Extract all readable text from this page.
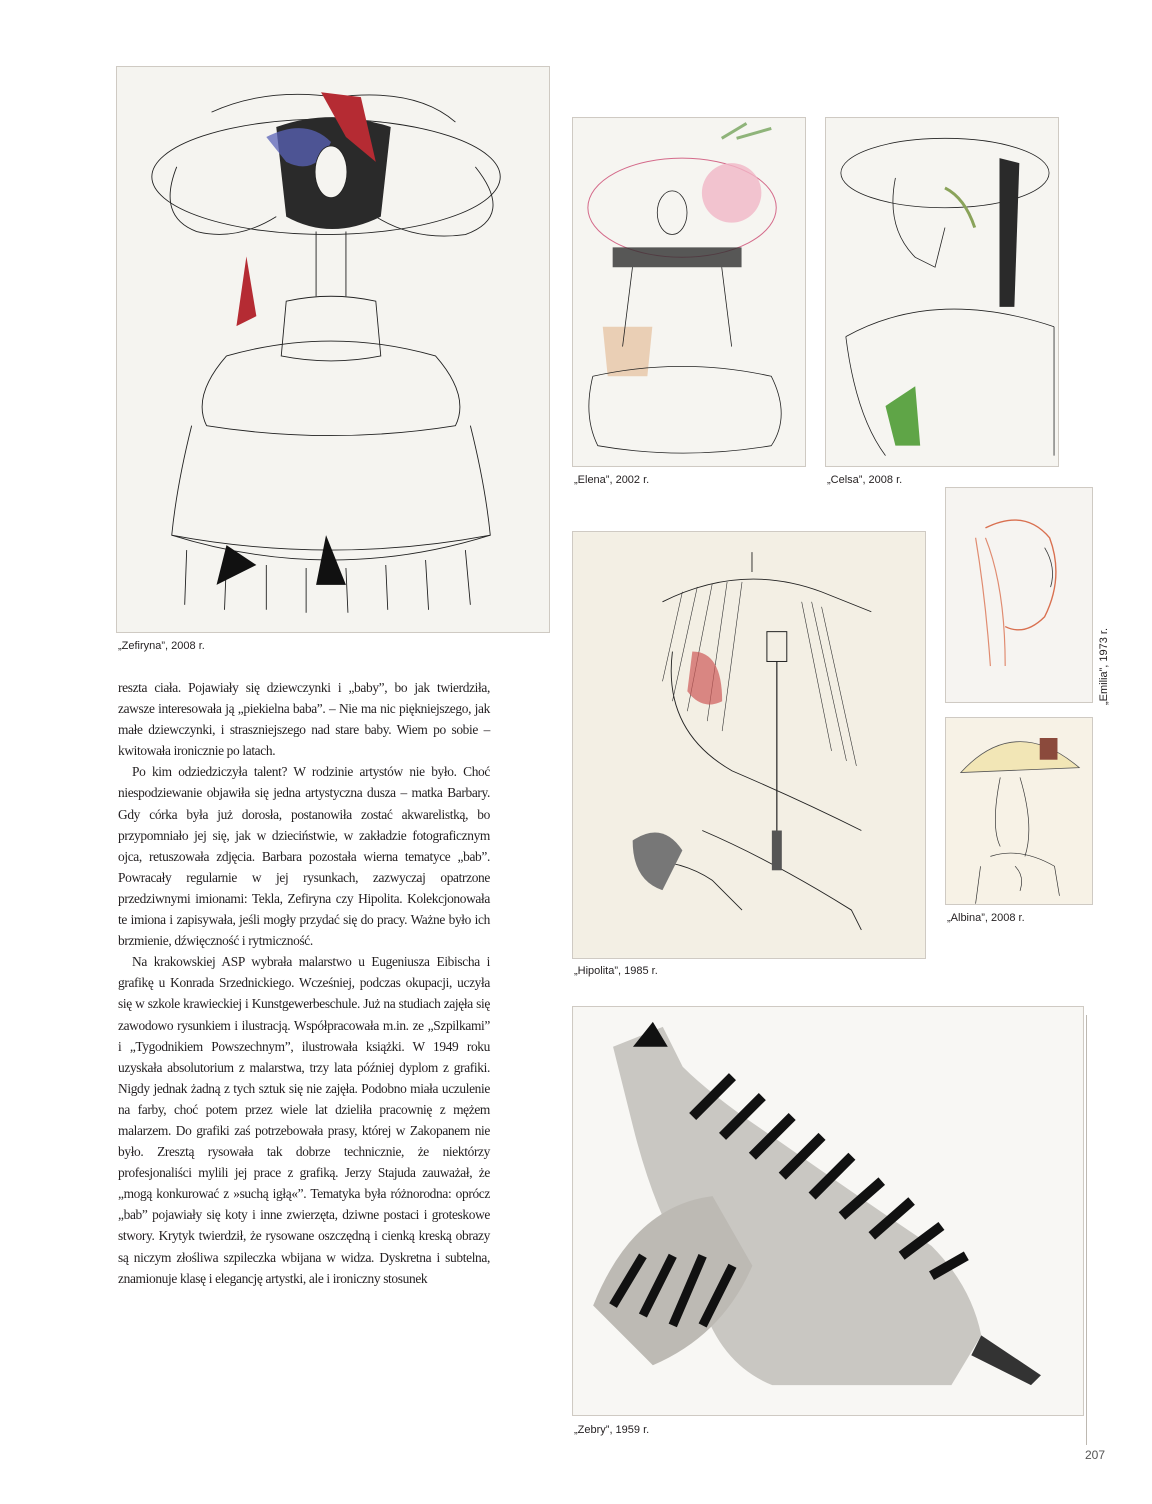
„Zefiryna”, 2008 r.
„Elena”, 2002 r.	„Celsa”, 2008 r.
„Emilia”, 1973 r.
„Hipolita”, 1985 r.
„Albina”, 2008 r.
„Zebry”, 1959 r.

reszta ciała. Pojawiały się dziewczynki i „baby”, bo jak twierdziła, zawsze interesowała ją „piekielna baba”. – Nie ma nic piękniejszego, jak małe dziewczynki, i straszniejszego nad stare baby. Wiem po sobie – kwitowała ironicznie po latach.

Po kim odziedziczyła talent? W rodzinie artystów nie było. Choć niespodziewanie objawiła się jedna artystyczna dusza – matka Barbary. Gdy córka była już dorosła, postanowiła zostać akwarelistką, bo przypomniało jej się, jak w dzieciństwie, w zakładzie fotograficznym ojca, retuszowała zdjęcia. Barbara pozostała wierna tematyce „bab”. Powracały regularnie w jej rysunkach, zazwyczaj opatrzone przedziwnymi imionami: Tekla, Zefiryna czy Hipolita. Kolekcjonowała te imiona i zapisywała, jeśli mogły przydać się do pracy. Ważne było ich brzmienie, dźwięczność i rytmiczność.

Na krakowskiej ASP wybrała malarstwo u Eugeniusza Eibischa i grafikę u Konrada Srzednickiego. Wcześniej, podczas okupacji, uczyła się w szkole krawieckiej i Kunstgewerbeschule. Już na studiach zajęła się zawodowo rysunkiem i ilustracją. Współpracowała m.in. ze „Szpilkami” i „Tygodnikiem Powszechnym”, ilustrowała książki. W 1949 roku uzyskała absolutorium z malarstwa, trzy lata później dyplom z grafiki. Nigdy jednak żadną z tych sztuk się nie zajęła. Podobno miała uczulenie na farby, choć potem przez wiele lat dzieliła pracownię z mężem malarzem. Do grafiki zaś potrzebowała prasy, której w Zakopanem nie było. Zresztą rysowała tak dobrze technicznie, że niektórzy profesjonaliści mylili jej prace z grafiką. Jerzy Stajuda zauważał, że „mogą konkurować z »suchą igłą«”. Tematyka była różnorodna: oprócz „bab” pojawiały się koty i inne zwierzęta, dziwne postaci i groteskowe stwory. Krytyk twierdził, że rysowane oszczędną i cienką kreską obrazy są niczym złośliwa szpileczka wbijana w widza. Dyskretna i subtelna, znamionuje klasę i elegancję artystki, ale i ironiczny stosunek

207
